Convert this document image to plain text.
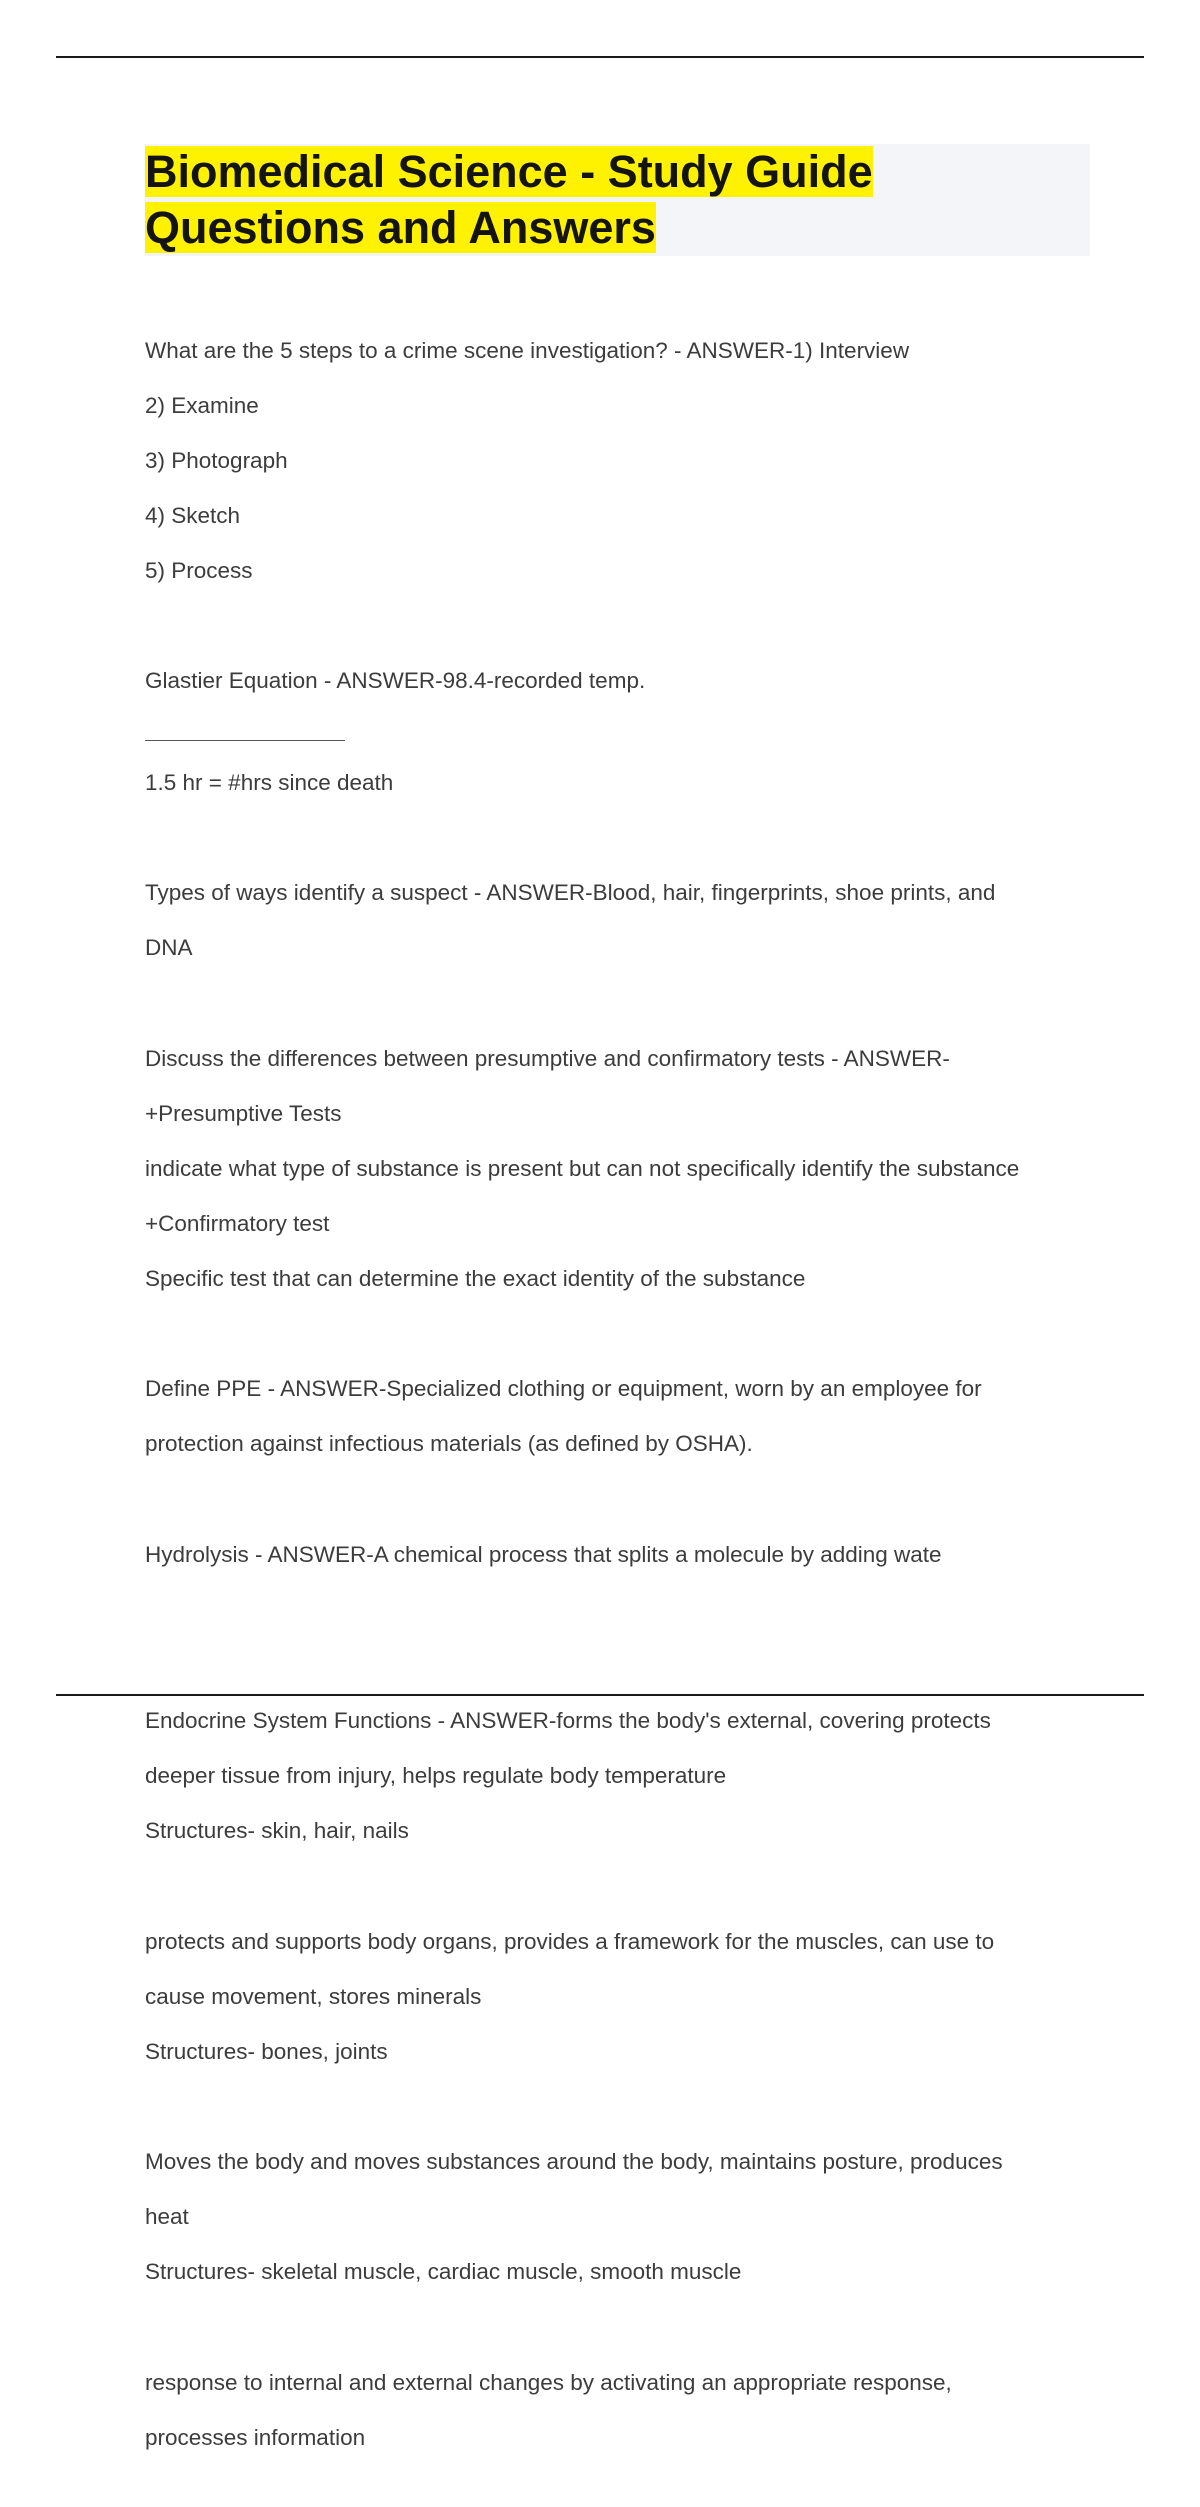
Biomedical Science - Study Guide
Questions and Answers

What are the 5 steps to a crime scene investigation? - ANSWER-1) Interview

2) Examine

3) Photograph

4) Sketch

5) Process

Glastier Equation - ANSWER-98.4-recorded temp.

1.5 hr = #hrs since death

Types of ways identify a suspect - ANSWER-Blood, hair, fingerprints, shoe prints, and

DNA

Discuss the differences between presumptive and confirmatory tests - ANSWER-

+Presumptive Tests

indicate what type of substance is present but can not specifically identify the substance

+Confirmatory test

Specific test that can determine the exact identity of the substance

Define PPE - ANSWER-Specialized clothing or equipment, worn by an employee for

protection against infectious materials (as defined by OSHA).

Hydrolysis - ANSWER-A chemical process that splits a molecule by adding wate

Endocrine System Functions - ANSWER-forms the body's external, covering protects

deeper tissue from injury, helps regulate body temperature

Structures- skin, hair, nails

protects and supports body organs, provides a framework for the muscles, can use to

cause movement, stores minerals

Structures- bones, joints

Moves the body and moves substances around the body, maintains posture, produces

heat

Structures- skeletal muscle, cardiac muscle, smooth muscle

response to internal and external changes by activating an appropriate response,

processes information
